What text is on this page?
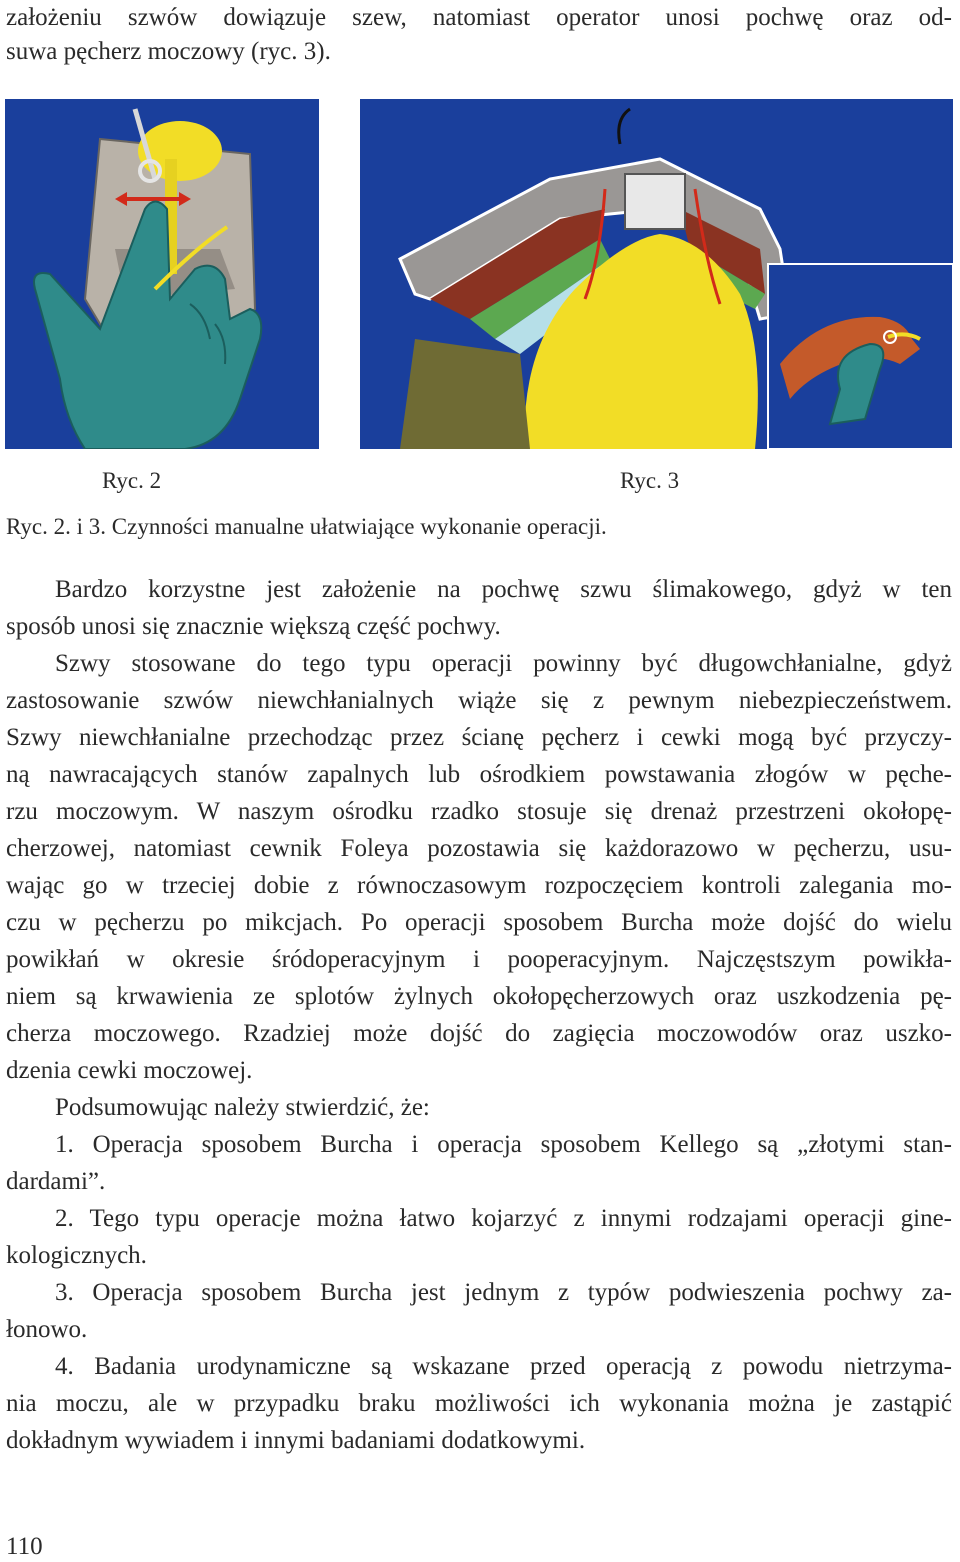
założeniu szwów dowiązuje szew, natomiast operator unosi pochwę oraz od-
suwa pęcherz moczowy (ryc. 3).
Ryc. 2	Ryc. 3
Ryc. 2. i 3. Czynności manualne ułatwiające wykonanie operacji.
Bardzo korzystne jest założenie na pochwę szwu ślimakowego, gdyż w ten
sposób unosi się znacznie większą część pochwy.
Szwy stosowane do tego typu operacji powinny być długowchłanialne, gdyż
zastosowanie szwów niewchłanialnych wiąże się z pewnym niebezpieczeństwem.
Szwy niewchłanialne przechodząc przez ścianę pęcherz i cewki mogą być przyczy-
ną nawracających stanów zapalnych lub ośrodkiem powstawania złogów w pęche-
rzu moczowym. W naszym ośrodku rzadko stosuje się drenaż przestrzeni okołopę-
cherzowej, natomiast cewnik Foleya pozostawia się każdorazowo w pęcherzu, usu-
wając go w trzeciej dobie z równoczasowym rozpoczęciem kontroli zalegania mo-
czu w pęcherzu po mikcjach. Po operacji sposobem Burcha może dojść do wielu
powikłań w okresie śródoperacyjnym i pooperacyjnym. Najczęstszym powikła-
niem są krwawienia ze splotów żylnych okołopęcherzowych oraz uszkodzenia pę-
cherza moczowego. Rzadziej może dojść do zagięcia moczowodów oraz uszko-
dzenia cewki moczowej.
Podsumowując należy stwierdzić, że:
1. Operacja sposobem Burcha i operacja sposobem Kellego są „złotymi stan-
dardami”.
2. Tego typu operacje można łatwo kojarzyć z innymi rodzajami operacji gine-
kologicznych.
3. Operacja sposobem Burcha jest jednym z typów podwieszenia pochwy za-
łonowo.
4. Badania urodynamiczne są wskazane przed operacją z powodu nietrzyma-
nia moczu, ale w przypadku braku możliwości ich wykonania można je zastąpić
dokładnym wywiadem i innymi badaniami dodatkowymi.
110
